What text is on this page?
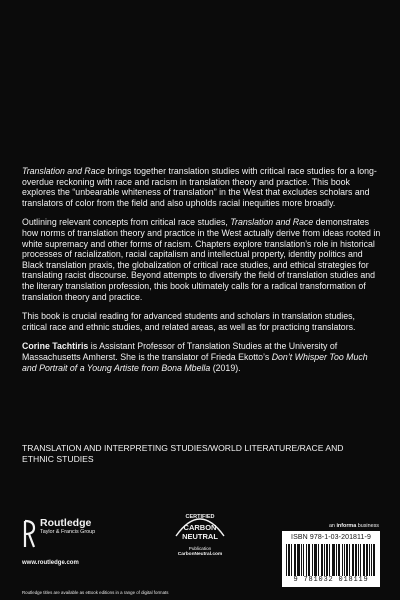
Translation and Race brings together translation studies with critical race studies for a long-overdue reckoning with race and racism in translation theory and practice. This book explores the “unbearable whiteness of translation” in the West that excludes scholars and translators of color from the field and also upholds racial inequities more broadly.

Outlining relevant concepts from critical race studies, Translation and Race demonstrates how norms of translation theory and practice in the West actually derive from ideas rooted in white supremacy and other forms of racism. Chapters explore translation’s role in historical processes of racialization, racial capitalism and intellectual property, identity politics and Black translation praxis, the globalization of critical race studies, and ethical strategies for translating racist discourse. Beyond attempts to diversify the field of translation studies and the literary translation profession, this book ultimately calls for a radical transformation of translation theory and practice.

This book is crucial reading for advanced students and scholars in translation studies, critical race and ethnic studies, and related areas, as well as for practicing translators.

Corine Tachtiris is Assistant Professor of Translation Studies at the University of Massachusetts Amherst. She is the translator of Frieda Ekotto’s Don’t Whisper Too Much and Portrait of a Young Artiste from Bona Mbella (2019).

TRANSLATION AND INTERPRETING STUDIES/WORLD LITERATURE/RACE AND ETHNIC STUDIES
Routledge
Taylor & Francis Group
www.routledge.com
CERTIFIED
CARBON
NEUTRAL
Publication
CarbonNeutral.com
an informa business
ISBN 978-1-03-201811-9
9 781032 018119
Routledge titles are available as eBook editions in a range of digital formats
